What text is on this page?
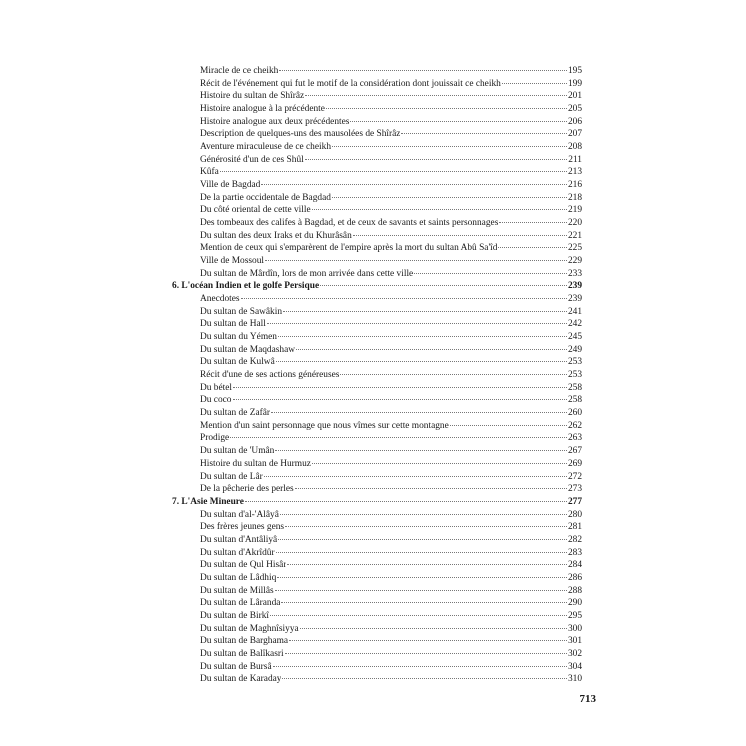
Miracle de ce cheikh	195
Récit de l'événement qui fut le motif de la considération dont jouissait ce cheikh	199
Histoire du sultan de Shîrâz	201
Histoire analogue à la précédente	205
Histoire analogue aux deux précédentes	206
Description de quelques-uns des mausolées de Shîrâz	207
Aventure miraculeuse de ce cheikh	208
Générosité d'un de ces Shûl	211
Kûfa	213
Ville de Bagdad	216
De la partie occidentale de Bagdad	218
Du côté oriental de cette ville	219
Des tombeaux des califes à Bagdad, et de ceux de savants et saints personnages	220
Du sultan des deux Iraks et du Khurâsân	221
Mention de ceux qui s'emparèrent de l'empire après la mort du sultan Abû Sa'îd	225
Ville de Mossoul	229
Du sultan de Mârdîn, lors de mon arrivée dans cette ville	233
6. L'océan Indien et le golfe Persique	239
Anecdotes	239
Du sultan de Sawâkin	241
Du sultan de Hall	242
Du sultan du Yémen	245
Du sultan de Maqdashaw	249
Du sultan de Kulwâ	253
Récit d'une de ses actions généreuses	253
Du bétel	258
Du coco	258
Du sultan de Zafâr	260
Mention d'un saint personnage que nous vîmes sur cette montagne	262
Prodige	263
Du sultan de 'Umân	267
Histoire du sultan de Hurmuz	269
Du sultan de Lâr	272
De la pêcherie des perles	273
7. L'Asie Mineure	277
Du sultan d'al-'Alâyâ	280
Des frères jeunes gens	281
Du sultan d'Antâliyâ	282
Du sultan d'Akrîdûr	283
Du sultan de Qul Hisâr	284
Du sultan de Lâdhiq	286
Du sultan de Millâs	288
Du sultan de Lâranda	290
Du sultan de Birkî	295
Du sultan de Maghnîsiyya	300
Du sultan de Barghama	301
Du sultan de Balîkasri	302
Du sultan de Bursâ	304
Du sultan de Karaday	310
713
